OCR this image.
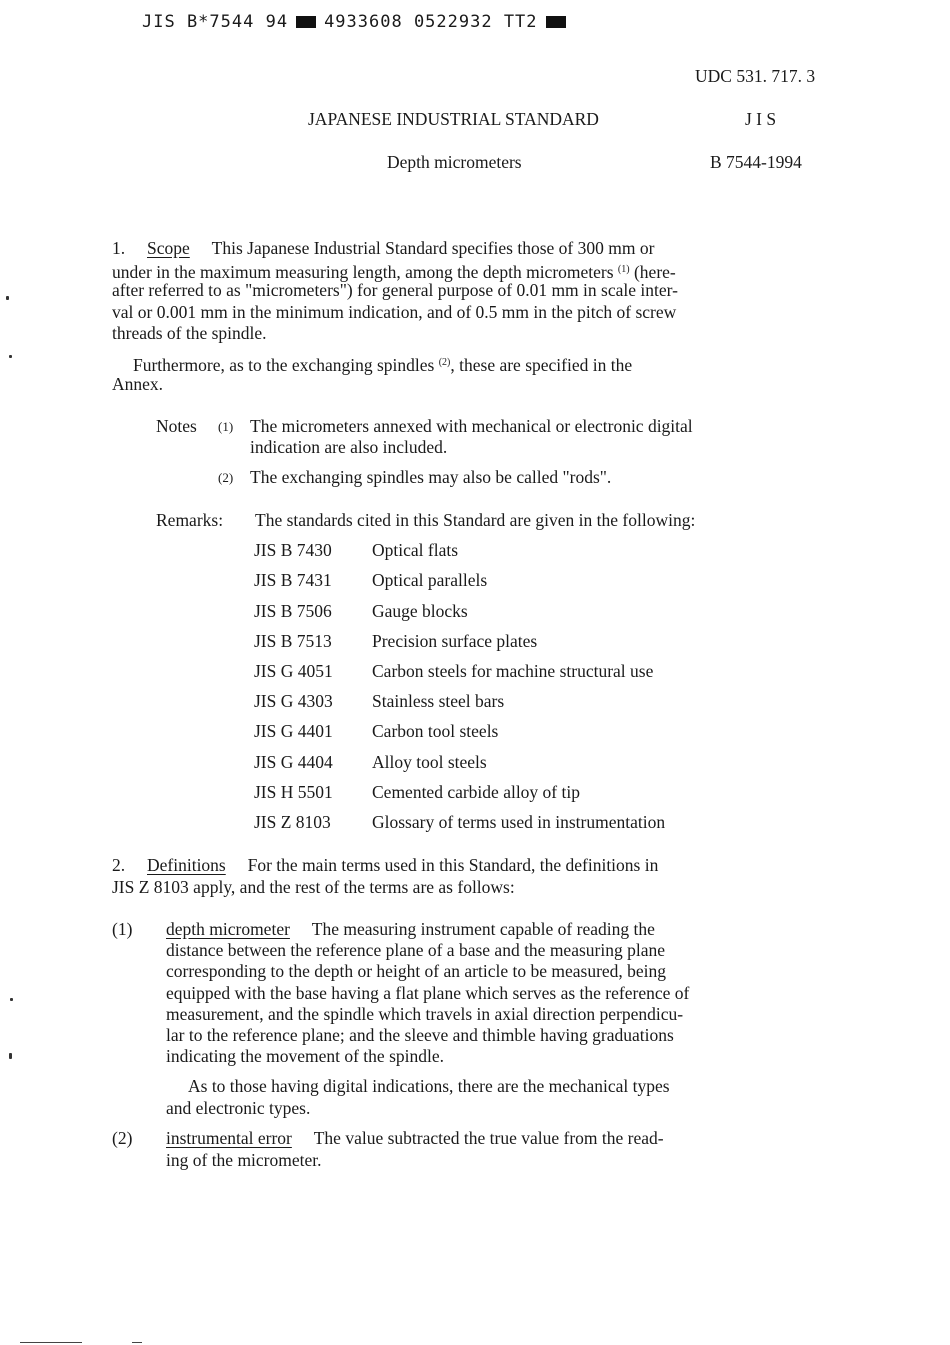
JIS B*7544 94 4933608 0522932 TT2
UDC 531. 717. 3
JAPANESE INDUSTRIAL STANDARD	J I S
Depth micrometers	B 7544-1994
1. Scope This Japanese Industrial Standard specifies those of 300 mm or
under in the maximum measuring length, among the depth micrometers $^{(1)}$ (here-
after referred to as "micrometers") for general purpose of 0.01 mm in scale inter-
val or 0.001 mm in the minimum indication, and of 0.5 mm in the pitch of screw
threads of the spindle.
Furthermore, as to the exchanging spindles $^{(2)}$, these are specified in the
Annex.
Notes (1) The micrometers annexed with mechanical or electronic digital
indication are also included.
(2) The exchanging spindles may also be called "rods".
Remarks: The standards cited in this Standard are given in the following:
JIS B 7430 Optical flats
JIS B 7431 Optical parallels
JIS B 7506 Gauge blocks
JIS B 7513 Precision surface plates
JIS G 4051 Carbon steels for machine structural use
JIS G 4303 Stainless steel bars
JIS G 4401 Carbon tool steels
JIS G 4404 Alloy tool steels
JIS H 5501 Cemented carbide alloy of tip
JIS Z 8103 Glossary of terms used in instrumentation
2. Definitions For the main terms used in this Standard, the definitions in
JIS Z 8103 apply, and the rest of the terms are as follows:
(1) depth micrometer The measuring instrument capable of reading the
distance between the reference plane of a base and the measuring plane
corresponding to the depth or height of an article to be measured, being
equipped with the base having a flat plane which serves as the reference of
measurement, and the spindle which travels in axial direction perpendicu-
lar to the reference plane; and the sleeve and thimble having graduations
indicating the movement of the spindle.
As to those having digital indications, there are the mechanical types
and electronic types.
(2) instrumental error The value subtracted the true value from the read-
ing of the micrometer.
